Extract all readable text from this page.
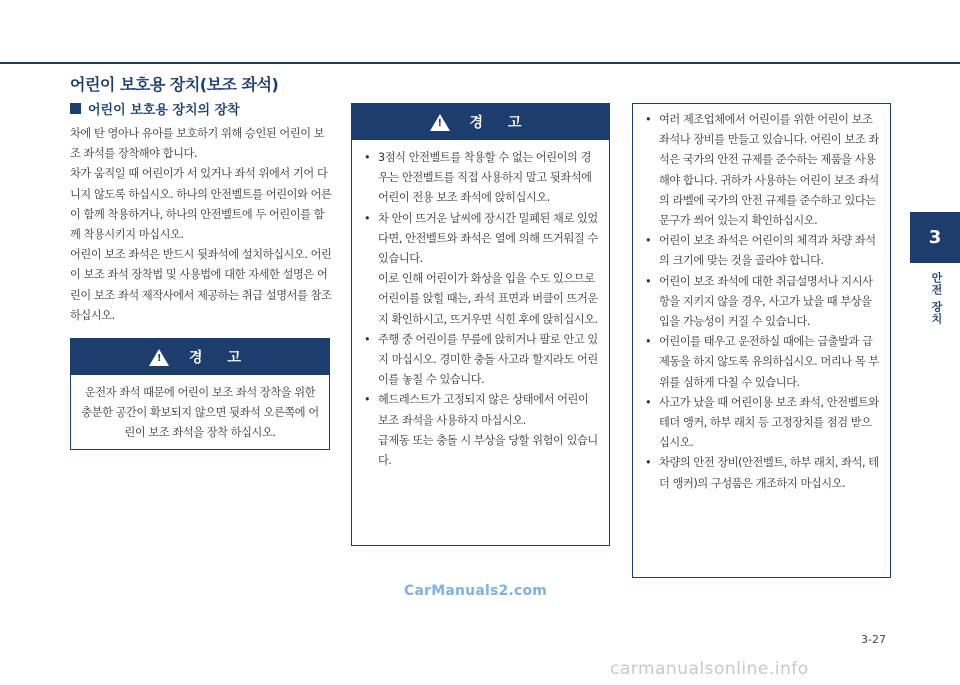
어린이 보호용 장치(보조 좌석)
어린이 보호용 장치의 장착

차에 탄 영아나 유아를 보호하기 위해 승인된 어린이 보조 좌석를 장착해야 합니다.

차가 움직일 때 어린이가 서 있거나 좌석 위에서 기어 다니지 않도록 하십시오. 하나의 안전벨트를 어린이와 어른이 함께 착용하거나, 하나의 안전벨트에 두 어린이를 함께 착용시키지 마십시오.

어린이 보조 좌석은 반드시 뒷좌석에 설치하십시오. 어린이 보조 좌석 장착법 및 사용법에 대한 자세한 설명은 어린이 보조 좌석 제작사에서 제공하는 취급 설명서를 참조하십시오.

! 경 고
운전자 좌석 때문에 어린이 보조 좌석 장착을 위한 충분한 공간이 확보되지 않으면 뒷좌석 오른쪽에 어린이 보조 좌석을 장착 하십시오.
! 경 고

• 3점식 안전벨트를 착용할 수 없는 어린이의 경우는 안전벨트를 직접 사용하지 말고 뒷좌석에 어린이 전용 보조 좌석에 앉히십시오.

• 차 안이 뜨거운 날씨에 장시간 밀폐된 채로 있었다면, 안전벨트와 좌석은 열에 의해 뜨거워질 수 있습니다.

이로 인해 어린이가 화상을 입을 수도 있으므로 어린이를 앉힐 때는, 좌석 표면과 버클이 뜨거운지 확인하시고, 뜨거우면 식힌 후에 앉히십시오.

• 주행 중 어린이를 무릎에 앉히거나 팔로 안고 있지 마십시오. 경미한 충돌 사고라 할지라도 어린이를 놓칠 수 있습니다.

• 헤드레스트가 고정되지 않은 상태에서 어린이 보조 좌석을 사용하지 마십시오.

급제동 또는 충돌 시 부상을 당할 위험이 있습니다.

• 여러 제조업체에서 어린이를 위한 어린이 보조 좌석나 장비를 만들고 있습니다. 어린이 보조 좌석은 국가의 안전 규제를 준수하는 제품을 사용해야 합니다. 귀하가 사용하는 어린이 보조 좌석의 라벨에 국가의 안전 규제를 준수하고 있다는 문구가 씌어 있는지 확인하십시오.
• 어린이 보조 좌석은 어린이의 체격과 차량 좌석의 크기에 맞는 것을 골라야 합니다.
• 어린이 보조 좌석에 대한 취급설명서나 지시사항을 지키지 않을 경우, 사고가 났을 때 부상을 입을 가능성이 커질 수 있습니다.
• 어린이를 태우고 운전하실 때에는 급출발과 급제동을 하지 않도록 유의하십시오. 머리나 목 부위를 심하게 다칠 수 있습니다.
• 사고가 났을 때 어린이용 보조 좌석, 안전벨트와 테더 앵커, 하부 래치 등 고정장치를 점검 받으십시오.
• 차량의 안전 장비(안전벨트, 하부 래치, 좌석, 테더 앵커)의 구성품은 개조하지 마십시오.
3
안전 장치
CarManuals2.com
3-27
carmanualsonline.info
